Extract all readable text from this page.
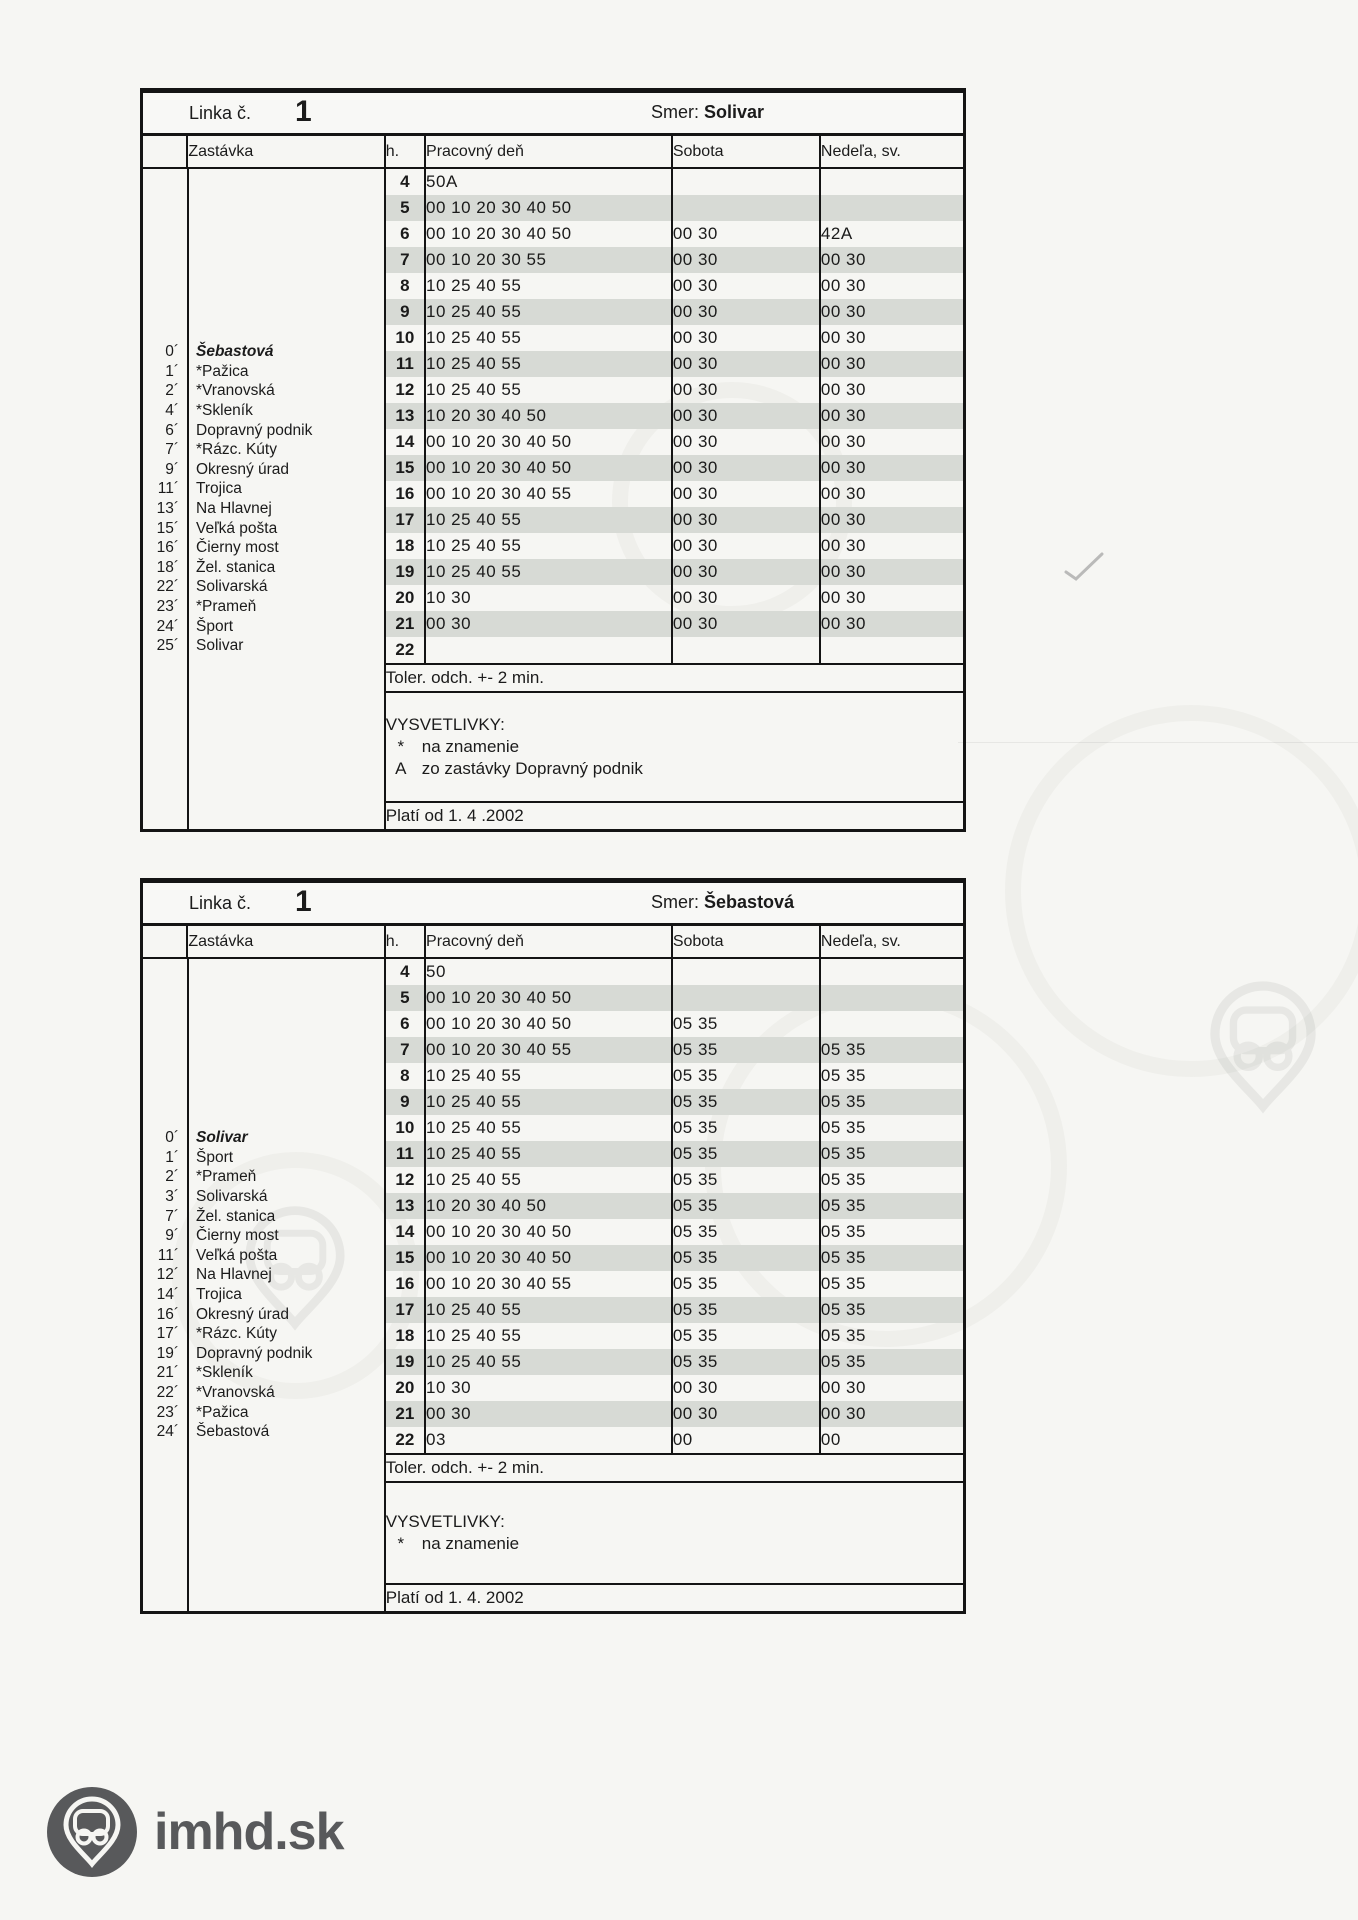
Linka č. 1	Smer: Solivar
	Zastávka	h.	Pracovný deň	Sobota	Nedeľa, sv.

0´	Šebastová
1´	*Pažica
2´	*Vranovská
4´	*Skleník
6´	Dopravný podnik
7´	*Rázc. Kúty
9´	Okresný úrad
11´	Trojica
13´	Na Hlavnej
15´	Veľká pošta
16´	Čierny most
18´	Žel. stanica
22´	Solivarská
23´	*Prameň
24´	Šport
25´	Solivar
	4	50A		
		5	00 10 20 30 40 50		
		6	00 10 20 30 40 50	00 30	42A
		7	00 10 20 30 55	00 30	00 30
		8	10 25 40 55	00 30	00 30
		9	10 25 40 55	00 30	00 30
		10	10 25 40 55	00 30	00 30
		11	10 25 40 55	00 30	00 30
		12	10 25 40 55	00 30	00 30
		13	10 20 30 40 50	00 30	00 30
		14	00 10 20 30 40 50	00 30	00 30
		15	00 10 20 30 40 50	00 30	00 30
		16	00 10 20 30 40 55	00 30	00 30
		17	10 25 40 55	00 30	00 30
		18	10 25 40 55	00 30	00 30
		19	10 25 40 55	00 30	00 30
		20	10 30	00 30	00 30
		21	00 30	00 30	00 30
		22			
		Toler. odch. +- 2 min.			

		VYSVETLIVKY:
* na znamenie
A zo zastávky Dopravný podnik			

		Platí od 1. 4 .2002			
Linka č. 1	Smer: Šebastová
	Zastávka	h.	Pracovný deň	Sobota	Nedeľa, sv.

0´	Solivar
1´	Šport
2´	*Prameň
3´	Solivarská
7´	Žel. stanica
9´	Čierny most
11´	Veľká pošta
12´	Na Hlavnej
14´	Trojica
16´	Okresný úrad
17´	*Rázc. Kúty
19´	Dopravný podnik
21´	*Skleník
22´	*Vranovská
23´	*Pažica
24´	Šebastová
	4	50		
		5	00 10 20 30 40 50		
		6	00 10 20 30 40 50	05 35	
		7	00 10 20 30 40 55	05 35	05 35
		8	10 25 40 55	05 35	05 35
		9	10 25 40 55	05 35	05 35
		10	10 25 40 55	05 35	05 35
		11	10 25 40 55	05 35	05 35
		12	10 25 40 55	05 35	05 35
		13	10 20 30 40 50	05 35	05 35
		14	00 10 20 30 40 50	05 35	05 35
		15	00 10 20 30 40 50	05 35	05 35
		16	00 10 20 30 40 55	05 35	05 35
		17	10 25 40 55	05 35	05 35
		18	10 25 40 55	05 35	05 35
		19	10 25 40 55	05 35	05 35
		20	10 30	00 30	00 30
		21	00 30	00 30	00 30
		22	03	00	00
		Toler. odch. +- 2 min.			

		VYSVETLIVKY:
* na znamenie			

		Platí od 1. 4. 2002			
imhd.sk
